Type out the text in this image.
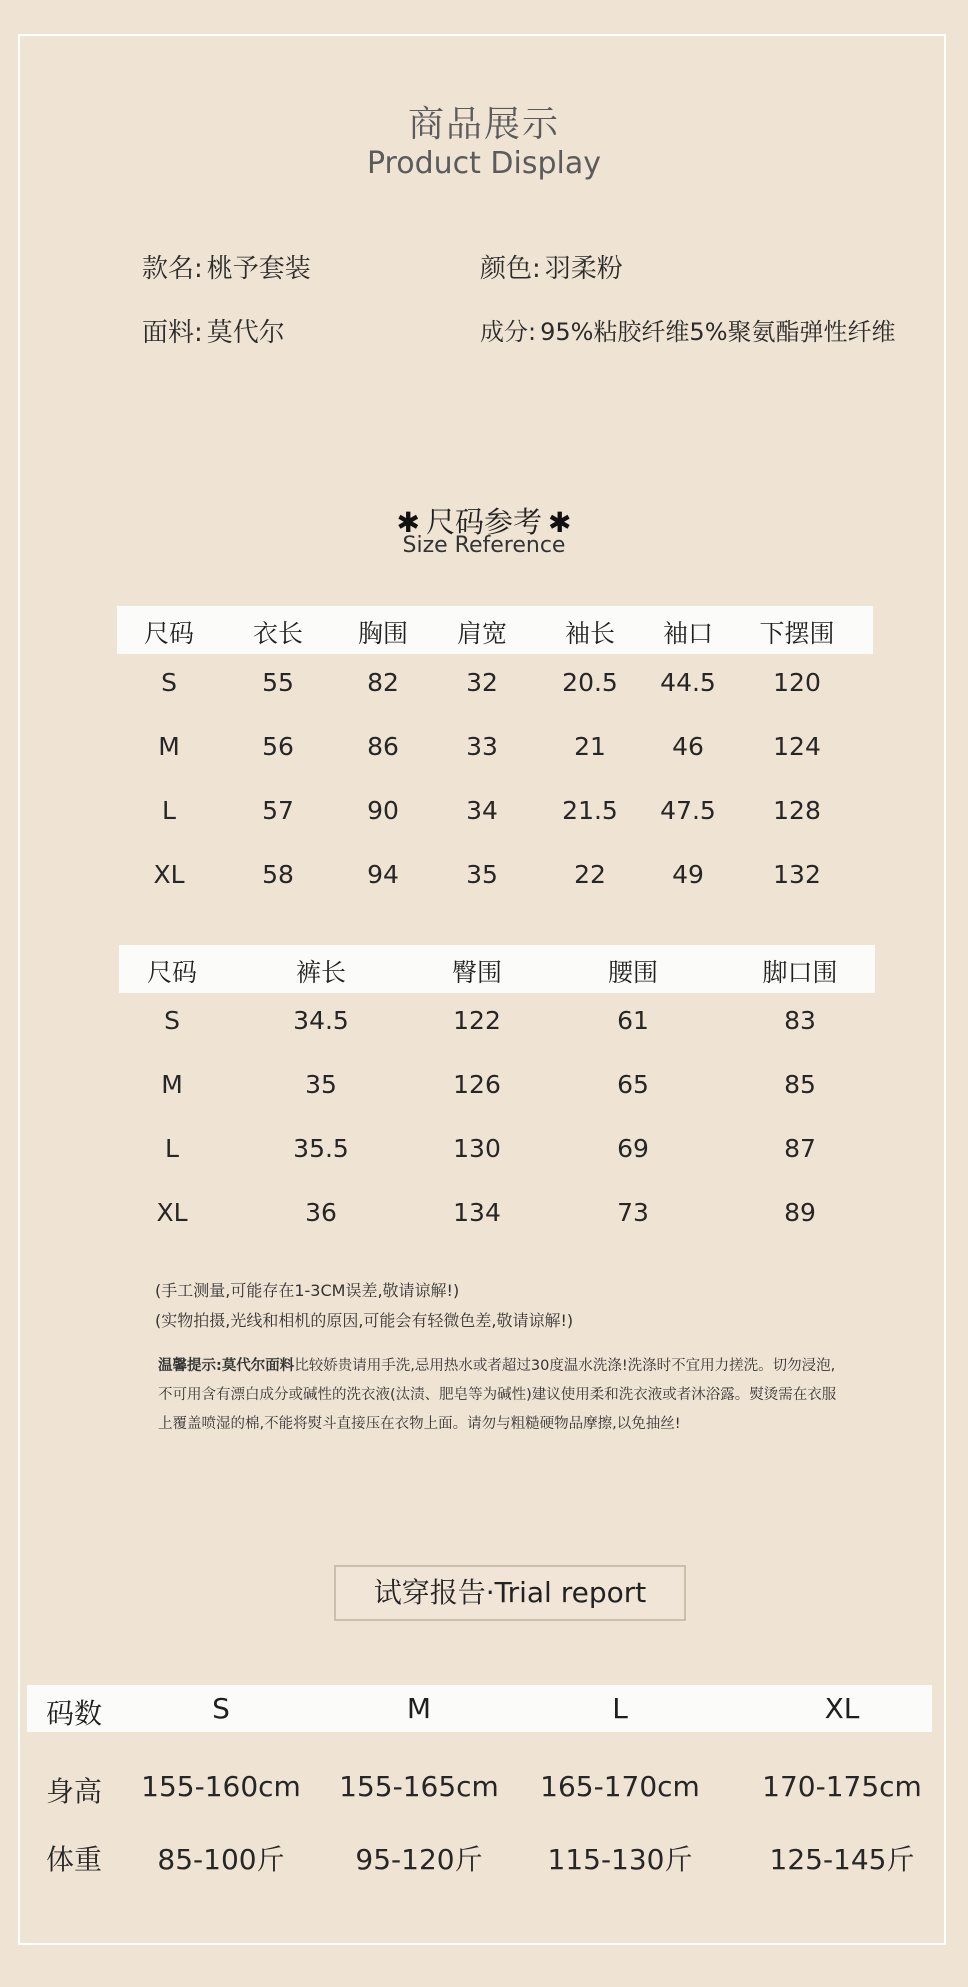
商品展示
Product Display
款名: 桃予套装	颜色: 羽柔粉
面料: 莫代尔	成分: 95%粘胶纤维5%聚氨酯弹性纤维
✱ 尺码参考 ✱
Size Reference
尺码 衣长 胸围 肩宽 袖长 袖口 下摆围
S	55	82	32	20.5 44.5 120
M	56	86	33	21	46	124
L	57	90	34	21.5 47.5 128
XL	58	94	35	22	49	132
尺码	裤长	臀围	腰围	脚口围
S	34.5	122	61	83
M	35	126	65	85
L	35.5	130	69	87
XL	36	134	73	89
(手工测量,可能存在1-3CM误差,敬请谅解!)
(实物拍摄,光线和相机的原因,可能会有轻微色差,敬请谅解!)
温馨提示:莫代尔面料比较娇贵请用手洗,忌用热水或者超过30度温水洗涤!洗涤时不宜用力搓洗。切勿浸泡,不可用含有漂白成分或碱性的洗衣液(汰渍、肥皂等为碱性)建议使用柔和洗衣液或者沐浴露。熨烫需在衣服上覆盖喷湿的棉,不能将熨斗直接压在衣物上面。请勿与粗糙硬物品摩擦,以免抽丝!
试穿报告·Trial report
码数	S	M	L	XL
身高 155-160cm 155-165cm 165-170cm 170-175cm
体重 85-100斤	95-120斤 115-130斤	125-145斤
